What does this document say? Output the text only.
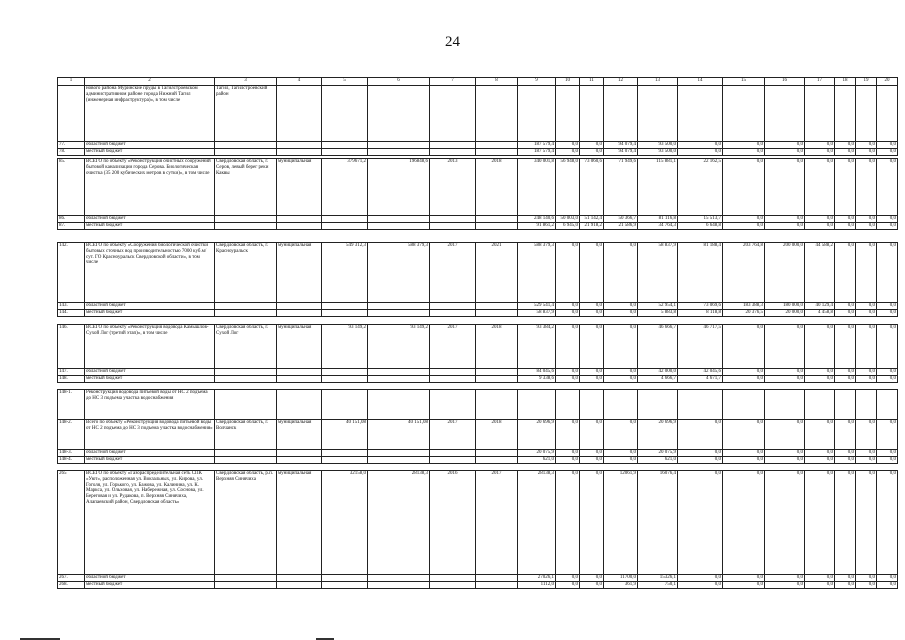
24
1	2	3	4	5	6	7	8	9	10	11	12	13	14	15	16	17	18	19	20
	нового района Муринские пруды в Тагилстроевском административном районе города Нижний Тагил (инженерная инфраструктура)», в том числе	Тагил, Тагилстроевский район																	
77.	областной бюджет							187 579,4	0,0	0,0	94 079,4	93 500,0	0,0	0,0	0,0	0,0	0,0	0,0	0,0
78.	местный бюджет							187 579,4	0,0	0,0	94 079,4	93 500,0	0,0	0,0	0,0	0,0	0,0	0,0	0,0
85.	ВСЕГО по объекту «Реконструкция очистных сооружений бытовой канализации города Серова. Биологическая очистка (35 200 кубических метров в сутки)», в том числе	Свердловская область, г. Серов, левый берег реки Каквы	муниципальная	379671,2	196848,6	2013	2018	340 001,8	56 948,0	73 060,6	71 949,6	115 881,1	22 162,5	0,0	0,0	0,0	0,0	0,0	0,0
86.	областной бюджет							248 140,6	50 003,0	51 142,4	50 366,7	81 116,8	15 513,7	0,0	0,0	0,0	0,0	0,0	0,0
87.	местный бюджет							91 861,2	6 945,0	21 918,2	21 586,9	34 764,3	6 648,8	0,0	0,0	0,0	0,0	0,0	0,0
142.	ВСЕГО по объекту «Сооружения биологической очистки бытовых сточных вод производительностью 7000 куб.м/сут. ГО Красноуральск Свердловской области», в том числе	Свердловская область, г. Красноуральск	муниципальная	549 312,3	588 379,3	2017	2021	588 379,3	0,0	0,0	0,0	58 837,9	81 188,4	203 764,8	200 000,0	44 588,2	0,0	0,0	0,0
143.	областной бюджет							529 541,4	0,0	0,0	0,0	52 954,1	73 069,6	183 388,3	180 000,0	40 129,4	0,0	0,0	0,0
144.	местный бюджет							58 837,9	0,0	0,0	0,0	5 883,8	8 118,8	20 376,5	20 000,0	4 458,8	0,0	0,0	0,0
146.	ВСЕГО по объекту «Реконструкция водовода Камышлов-Сухой Лог (третий этап)», в том числе	Свердловская область, г. Сухой Лог	муниципальная	93 149,2	93 149,2	2017	2018	93 384,2	0,0	0,0	0,0	46 666,7	46 717,5	0,0	0,0	0,0	0,0	0,0	0,0
147.	областной бюджет							84 045,6	0,0	0,0	0,0	42 000,0	42 045,6	0,0	0,0	0,0	0,0	0,0	0,0
148.	местный бюджет							9 338,6	0,0	0,0	0,0	4 666,7	4 671,7	0,0	0,0	0,0	0,0	0,0	0,0
148-1.	Реконструкция водовода питьевой воды от НС 2 подъема до НС 3 подъема участка водоснабжения																		
148-2.	Всего по объекту «Реконструкция водовода питьевой воды от НС 2 подъема до НС 3 подъема участка водоснабжения»	Свердловская область, г. Волчанск	муниципальная	40 151,08	40 151,08	2017	2018	20 696,9	0,0	0,0	0,0	20 696,9	0,0	0,0	0,0	0,0	0,0	0,0	0,0
148-3.	областной бюджет							20 075,9	0,0	0,0	0,0	20 075,9	0,0	0,0	0,0	0,0	0,0	0,0	0,0
148-4.	местный бюджет							621,0	0,0	0,0	0,0	621,0	0,0	0,0	0,0	0,0	0,0	0,0	0,0
265	ВСЕГО по объекту «Газораспределительная сеть СПК «Уют», расположенная ул. Вокзальных, ул. Кирова, ул. Гоголя, ул. Горького, ул. Бажова, ул. Калинина, ул. К. Маркса, ул. Ольховая, ул. Набережная, ул. Соснова, ул. Береговая и ул. Рудакова, п. Верхняя Синячиха, Алапаевский район, Свердловская область»	Свердловская область, р.п. Верхняя Синячиха	муниципальная	32158,0	28138,3	2016	2017	28138,3	0,0	0,0	12061,9	16076,4	0,0	0,0	0,0	0,0	0,0	0,0	0,0
267.	областной бюджет							27026,1	0,0	0,0	11700,0	15326,1	0,0	0,0	0,0	0,0	0,0	0,0	0,0
268.	местный бюджет							1112,0	0,0	0,0	361,9	750,1	0,0	0,0	0,0	0,0	0,0	0,0	0,0
